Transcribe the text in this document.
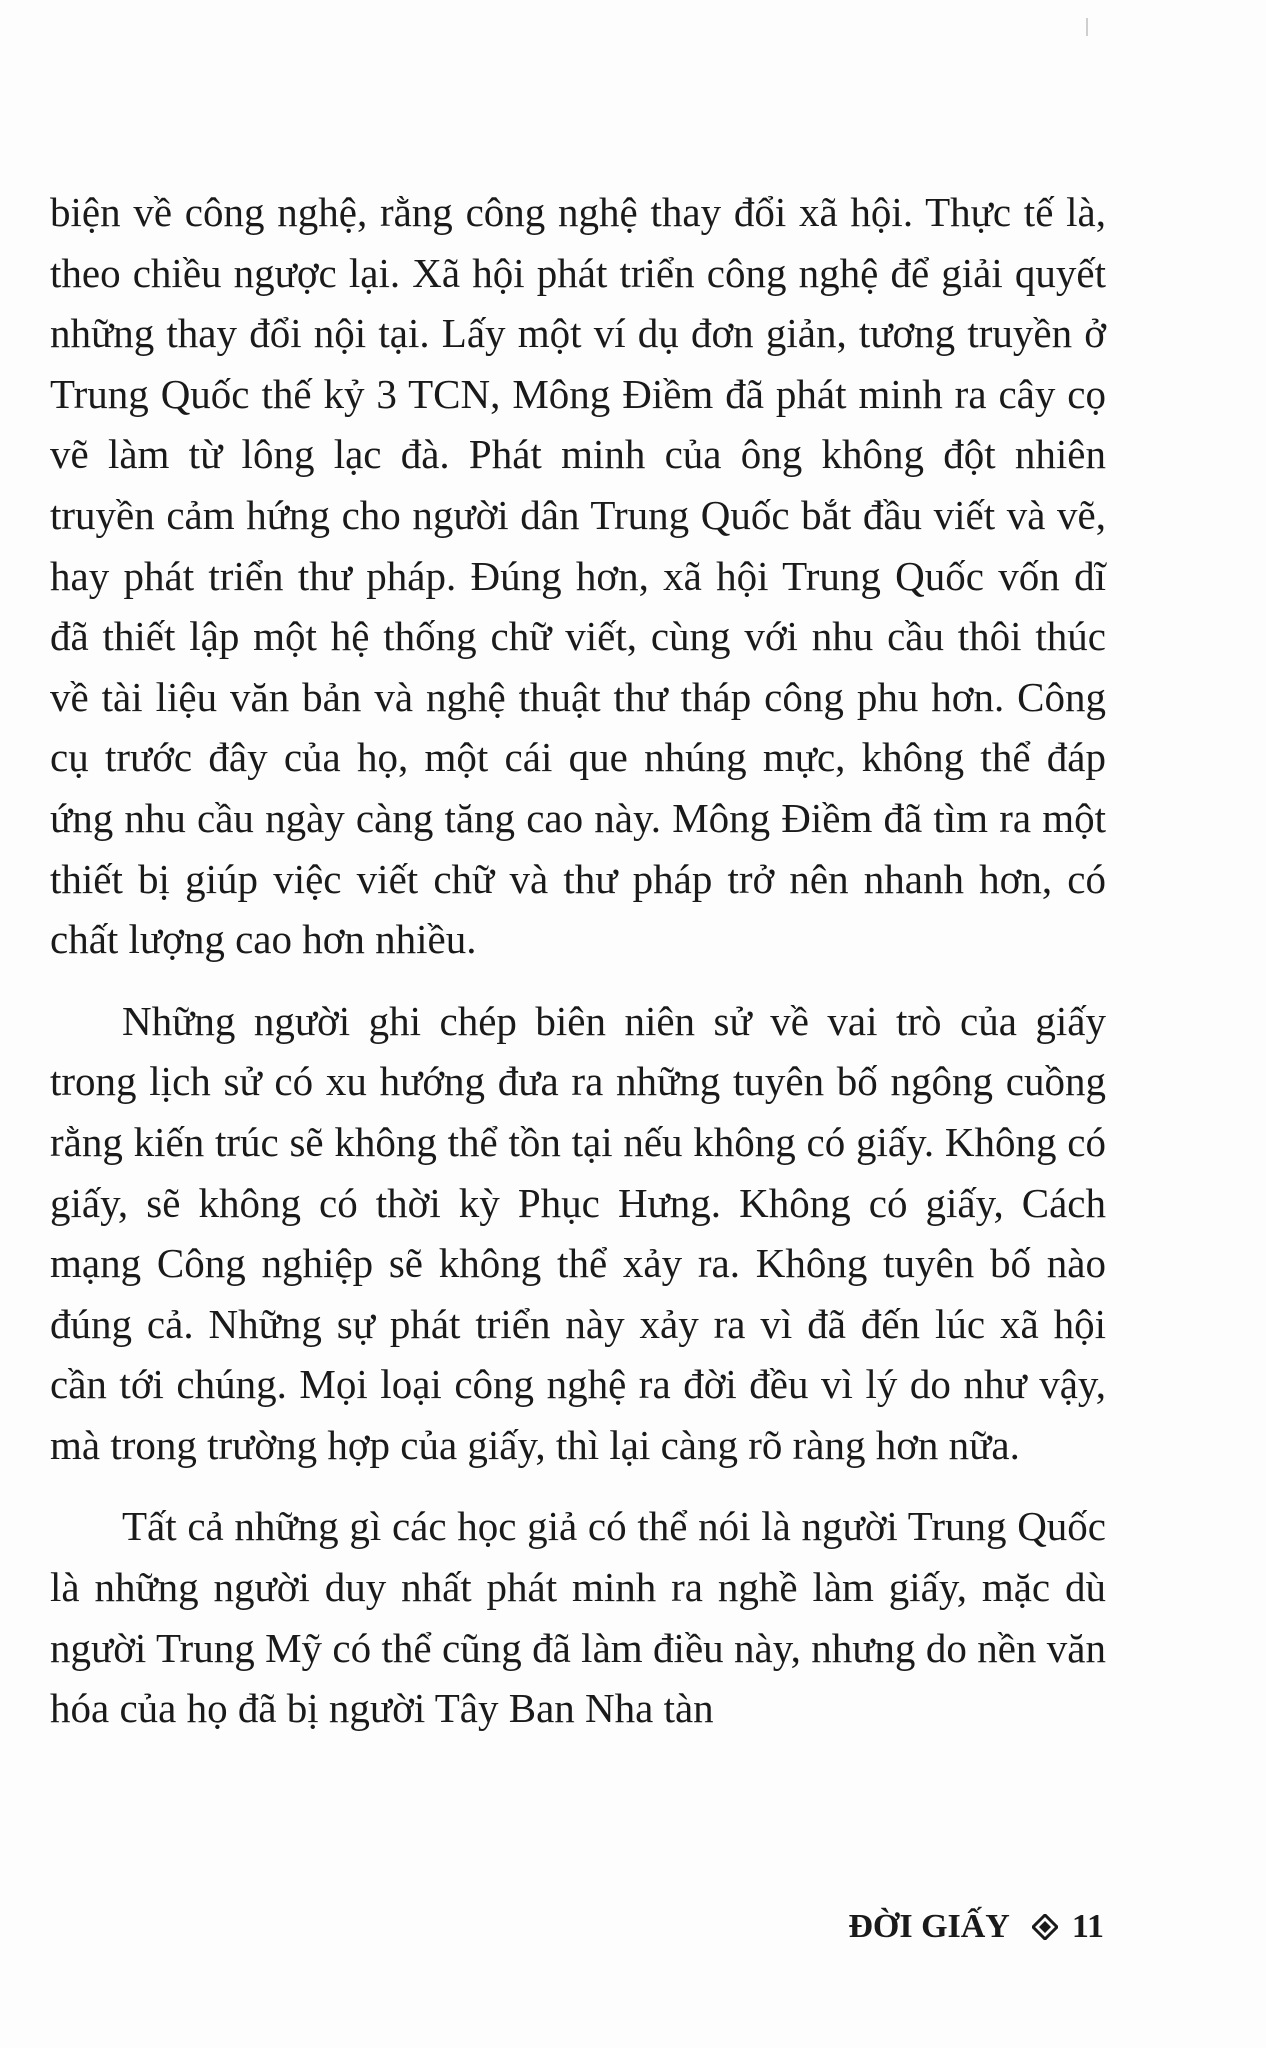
biện về công nghệ, rằng công nghệ thay đổi xã hội. Thực tế là, theo chiều ngược lại. Xã hội phát triển công nghệ để giải quyết những thay đổi nội tại. Lấy một ví dụ đơn giản, tương truyền ở Trung Quốc thế kỷ 3 TCN, Mông Điềm đã phát minh ra cây cọ vẽ làm từ lông lạc đà. Phát minh của ông không đột nhiên truyền cảm hứng cho người dân Trung Quốc bắt đầu viết và vẽ, hay phát triển thư pháp. Đúng hơn, xã hội Trung Quốc vốn dĩ đã thiết lập một hệ thống chữ viết, cùng với nhu cầu thôi thúc về tài liệu văn bản và nghệ thuật thư tháp công phu hơn. Công cụ trước đây của họ, một cái que nhúng mực, không thể đáp ứng nhu cầu ngày càng tăng cao này. Mông Điềm đã tìm ra một thiết bị giúp việc viết chữ và thư pháp trở nên nhanh hơn, có chất lượng cao hơn nhiều.

Những người ghi chép biên niên sử về vai trò của giấy trong lịch sử có xu hướng đưa ra những tuyên bố ngông cuồng rằng kiến trúc sẽ không thể tồn tại nếu không có giấy. Không có giấy, sẽ không có thời kỳ Phục Hưng. Không có giấy, Cách mạng Công nghiệp sẽ không thể xảy ra. Không tuyên bố nào đúng cả. Những sự phát triển này xảy ra vì đã đến lúc xã hội cần tới chúng. Mọi loại công nghệ ra đời đều vì lý do như vậy, mà trong trường hợp của giấy, thì lại càng rõ ràng hơn nữa.

Tất cả những gì các học giả có thể nói là người Trung Quốc là những người duy nhất phát minh ra nghề làm giấy, mặc dù người Trung Mỹ có thể cũng đã làm điều này, nhưng do nền văn hóa của họ đã bị người Tây Ban Nha tàn

ĐỜI GIẤY 11
